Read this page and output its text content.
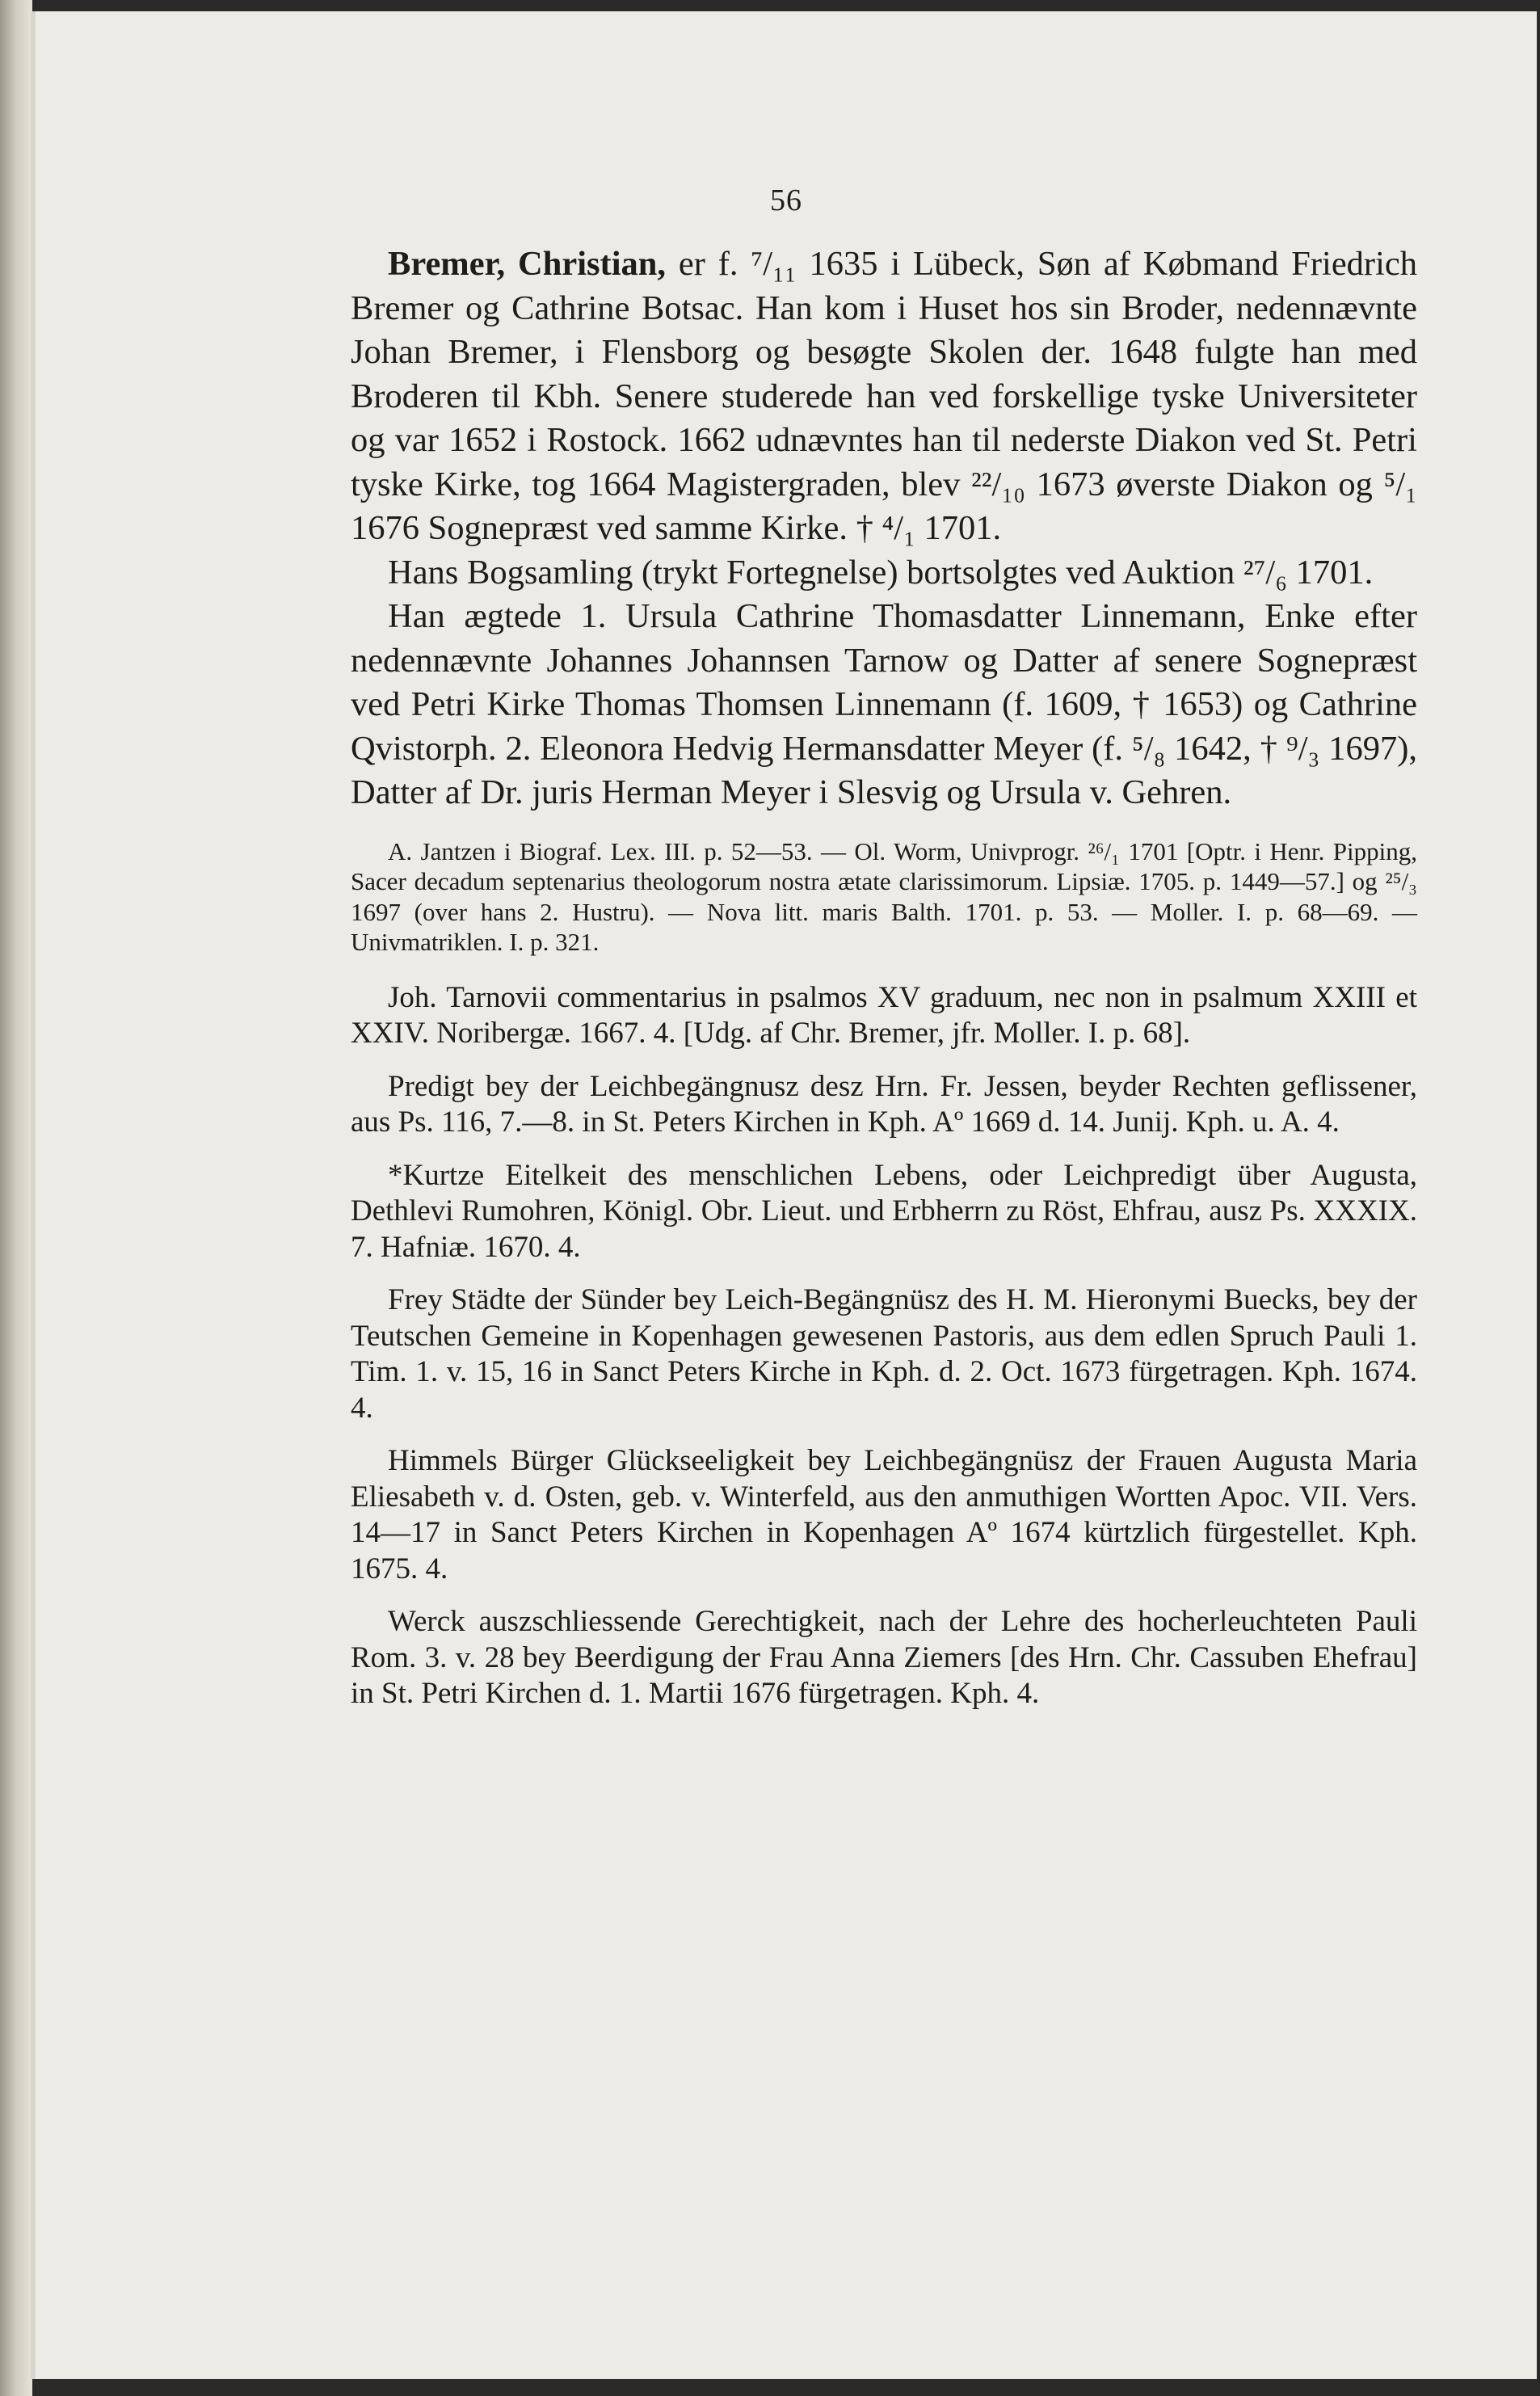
56

Bremer, Christian, er f. ⁷/₁₁ 1635 i Lübeck, Søn af Købmand Friedrich Bremer og Cathrine Botsac. Han kom i Huset hos sin Broder, nedennævnte Johan Bremer, i Flensborg og besøgte Skolen der. 1648 fulgte han med Broderen til Kbh. Senere studerede han ved forskellige tyske Universiteter og var 1652 i Rostock. 1662 udnævntes han til nederste Diakon ved St. Petri tyske Kirke, tog 1664 Magistergraden, blev ²²/₁₀ 1673 øverste Diakon og ⁵/₁ 1676 Sognepræst ved samme Kirke. † ⁴/₁ 1701.

Hans Bogsamling (trykt Fortegnelse) bortsolgtes ved Auktion ²⁷/₆ 1701.

Han ægtede 1. Ursula Cathrine Thomasdatter Linnemann, Enke efter nedennævnte Johannes Johannsen Tarnow og Datter af senere Sognepræst ved Petri Kirke Thomas Thomsen Linnemann (f. 1609, † 1653) og Cathrine Qvistorph. 2. Eleonora Hedvig Hermansdatter Meyer (f. ⁵/₈ 1642, † ⁹/₃ 1697), Datter af Dr. juris Herman Meyer i Slesvig og Ursula v. Gehren.

A. Jantzen i Biograf. Lex. III. p. 52—53. — Ol. Worm, Univprogr. ²⁶/₁ 1701 [Optr. i Henr. Pipping, Sacer decadum septenarius theologorum nostra ætate clarissimorum. Lipsiæ. 1705. p. 1449—57.] og ²⁵/₃ 1697 (over hans 2. Hustru). — Nova litt. maris Balth. 1701. p. 53. — Moller. I. p. 68—69. — Univmatriklen. I. p. 321.

Joh. Tarnovii commentarius in psalmos XV graduum, nec non in psalmum XXIII et XXIV. Noribergæ. 1667. 4. [Udg. af Chr. Bremer, jfr. Moller. I. p. 68].

Predigt bey der Leichbegängnusz desz Hrn. Fr. Jessen, beyder Rechten geflissener, aus Ps. 116, 7.—8. in St. Peters Kirchen in Kph. Aº 1669 d. 14. Junij. Kph. u. A. 4.

*Kurtze Eitelkeit des menschlichen Lebens, oder Leichpredigt über Augusta, Dethlevi Rumohren, Königl. Obr. Lieut. und Erbherrn zu Röst, Ehfrau, ausz Ps. XXXIX. 7. Hafniæ. 1670. 4.

Frey Städte der Sünder bey Leich-Begängnüsz des H. M. Hieronymi Buecks, bey der Teutschen Gemeine in Kopenhagen gewesenen Pastoris, aus dem edlen Spruch Pauli 1. Tim. 1. v. 15, 16 in Sanct Peters Kirche in Kph. d. 2. Oct. 1673 fürgetragen. Kph. 1674. 4.

Himmels Bürger Glückseeligkeit bey Leichbegängnüsz der Frauen Augusta Maria Eliesabeth v. d. Osten, geb. v. Winterfeld, aus den anmuthigen Wortten Apoc. VII. Vers. 14—17 in Sanct Peters Kirchen in Kopenhagen Aº 1674 kürtzlich fürgestellet. Kph. 1675. 4.

Werck auszschliessende Gerechtigkeit, nach der Lehre des hocherleuchteten Pauli Rom. 3. v. 28 bey Beerdigung der Frau Anna Ziemers [des Hrn. Chr. Cassuben Ehefrau] in St. Petri Kirchen d. 1. Martii 1676 fürgetragen. Kph. 4.
